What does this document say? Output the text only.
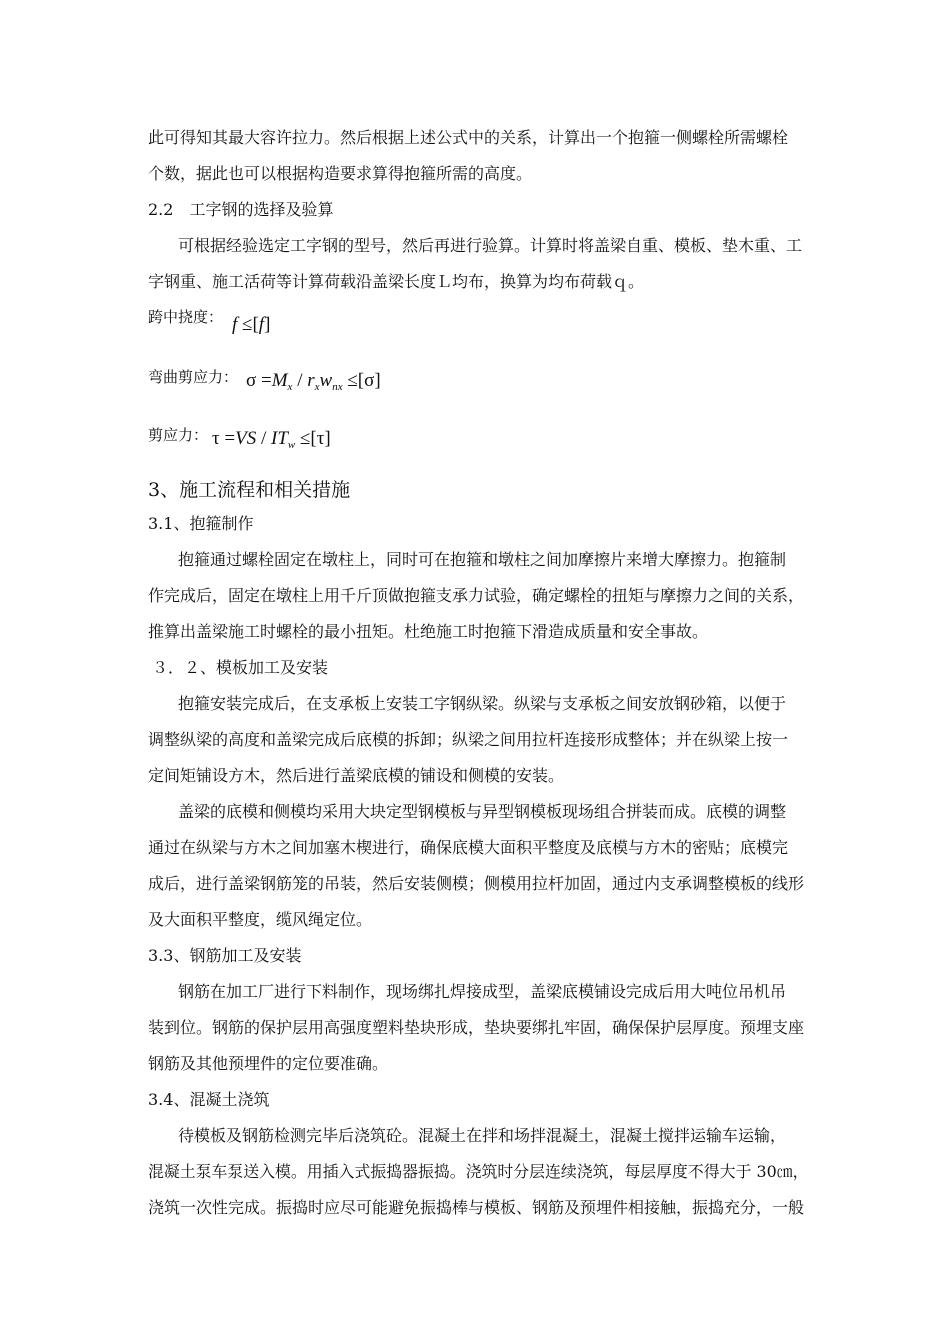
此可得知其最大容许拉力。然后根据上述公式中的关系，计算出一个抱箍一侧螺栓所需螺栓
个数，据此也可以根据构造要求算得抱箍所需的高度。
2.2　工字钢的选择及验算
可根据经验选定工字钢的型号，然后再进行验算。计算时将盖梁自重、模板、垫木重、工
字钢重、施工活荷等计算荷载沿盖梁长度Ｌ均布，换算为均布荷载ｑ。
跨中挠度： f ≤[f]
弯曲剪应力： $\sigma =M_x / r_xw_{nx} \le[\sigma]$
剪应力： $\tau =VS / IT_w \le[\tau]$
3、施工流程和相关措施
3.1、抱箍制作
抱箍通过螺栓固定在墩柱上，同时可在抱箍和墩柱之间加摩擦片来增大摩擦力。抱箍制
作完成后，固定在墩柱上用千斤顶做抱箍支承力试验，确定螺栓的扭矩与摩擦力之间的关系，
推算出盖梁施工时螺栓的最小扭矩。杜绝施工时抱箍下滑造成质量和安全事故。
３．２、模板加工及安装
抱箍安装完成后，在支承板上安装工字钢纵梁。纵梁与支承板之间安放钢砂箱，以便于
调整纵梁的高度和盖梁完成后底模的拆卸；纵梁之间用拉杆连接形成整体；并在纵梁上按一
定间矩铺设方木，然后进行盖梁底模的铺设和侧模的安装。
盖梁的底模和侧模均采用大块定型钢模板与异型钢模板现场组合拼装而成。底模的调整
通过在纵梁与方木之间加塞木楔进行，确保底模大面积平整度及底模与方木的密贴；底模完
成后，进行盖梁钢筋笼的吊装，然后安装侧模；侧模用拉杆加固，通过内支承调整模板的线形
及大面积平整度，缆风绳定位。
3.3、钢筋加工及安装
钢筋在加工厂进行下料制作，现场绑扎焊接成型，盖梁底模铺设完成后用大吨位吊机吊
装到位。钢筋的保护层用高强度塑料垫块形成，垫块要绑扎牢固，确保保护层厚度。预埋支座
钢筋及其他预埋件的定位要准确。
3.4、混凝土浇筑
待模板及钢筋检测完毕后浇筑砼。混凝土在拌和场拌混凝土，混凝土搅拌运输车运输，
混凝土泵车泵送入模。用插入式振捣器振捣。浇筑时分层连续浇筑，每层厚度不得大于 30㎝，
浇筑一次性完成。振捣时应尽可能避免振捣棒与模板、钢筋及预埋件相接触，振捣充分，一般
